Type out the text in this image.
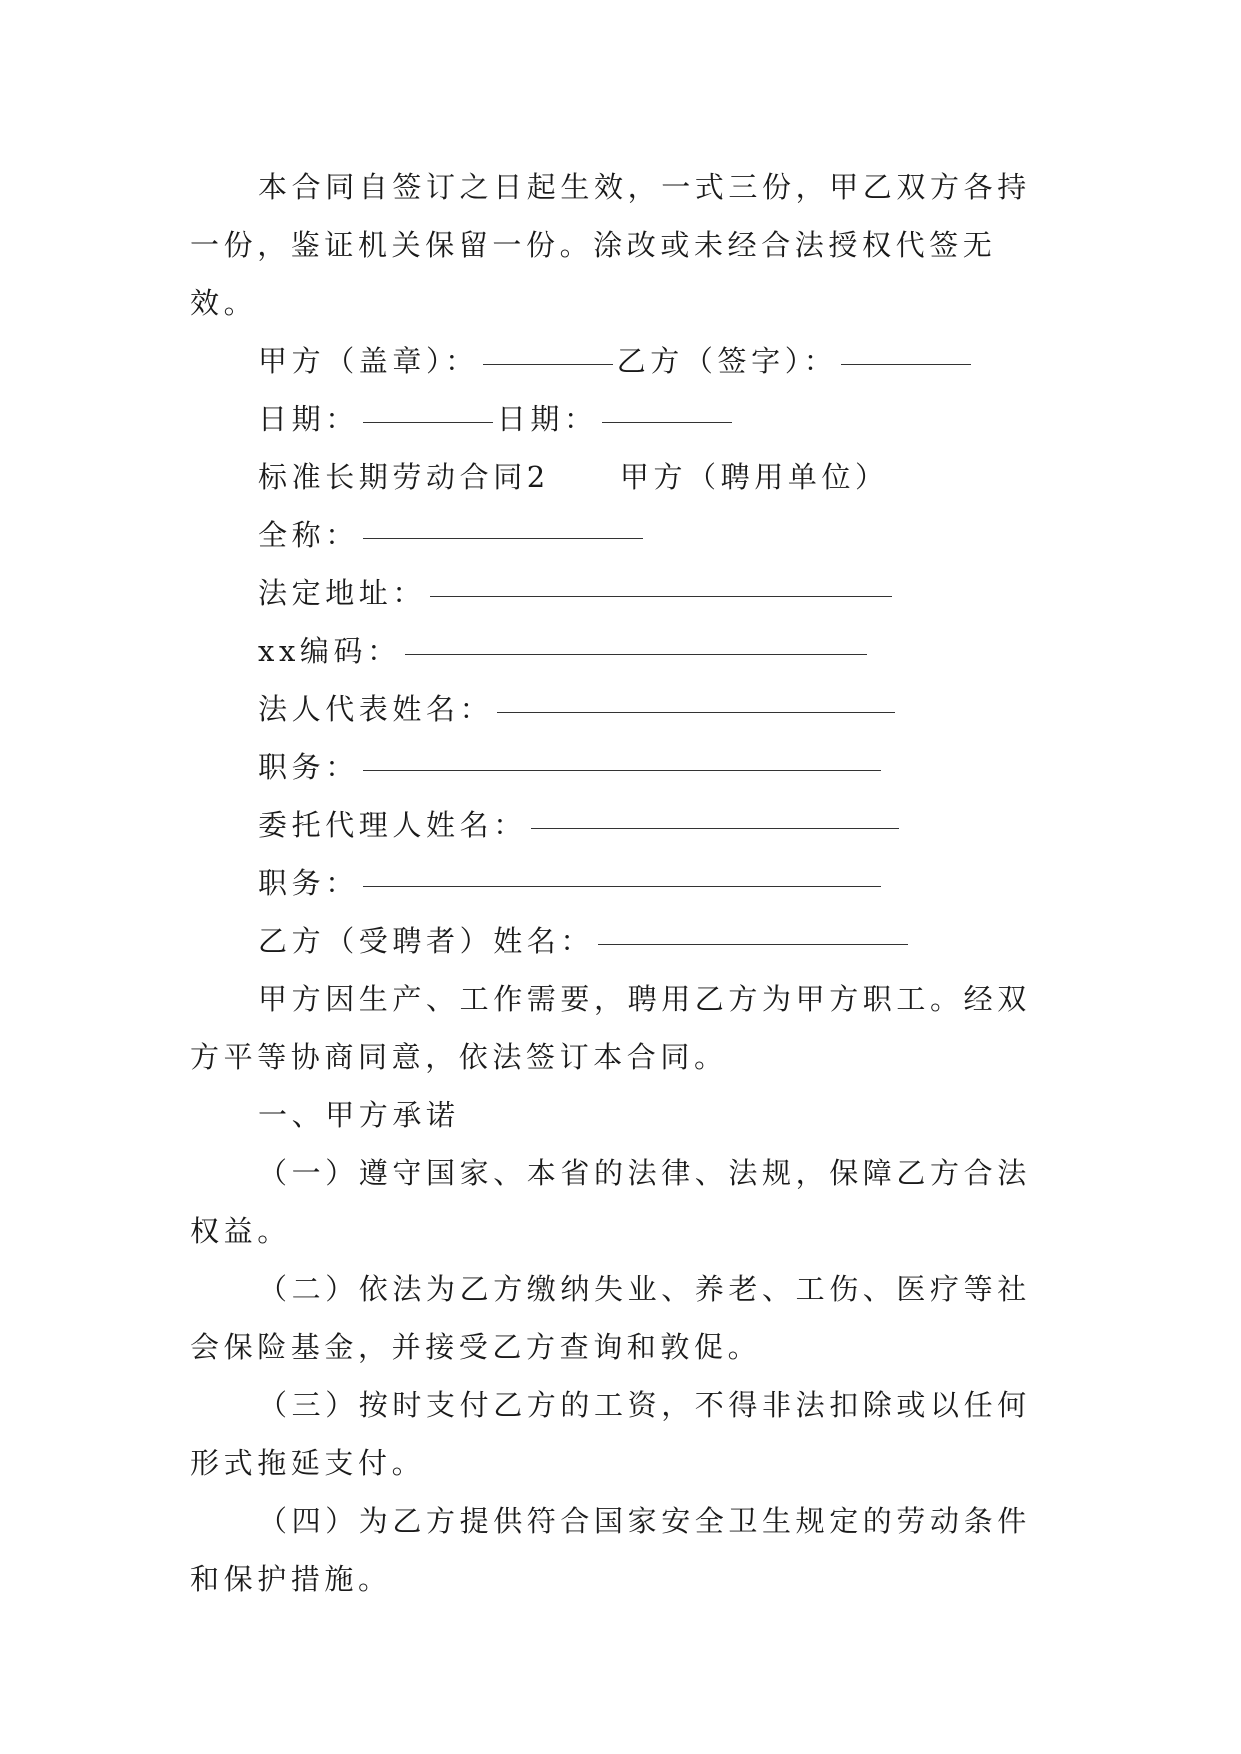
本合同自签订之日起生效，一式三份，甲乙双方各持一份，鉴证机关保留一份。涂改或未经合法授权代签无效。

甲方（盖章）：	乙方（签字）：
日期：	日期：
标准长期劳动合同2 甲方（聘用单位）
全称：
法定地址：
xx编码：
法人代表姓名：
职务：
委托代理人姓名：
职务：
乙方（受聘者）姓名：

甲方因生产、工作需要，聘用乙方为甲方职工。经双方平等协商同意，依法签订本合同。

一、甲方承诺

（一）遵守国家、本省的法律、法规，保障乙方合法权益。

（二）依法为乙方缴纳失业、养老、工伤、医疗等社会保险基金，并接受乙方查询和敦促。

（三）按时支付乙方的工资，不得非法扣除或以任何形式拖延支付。

（四）为乙方提供符合国家安全卫生规定的劳动条件和保护措施。
